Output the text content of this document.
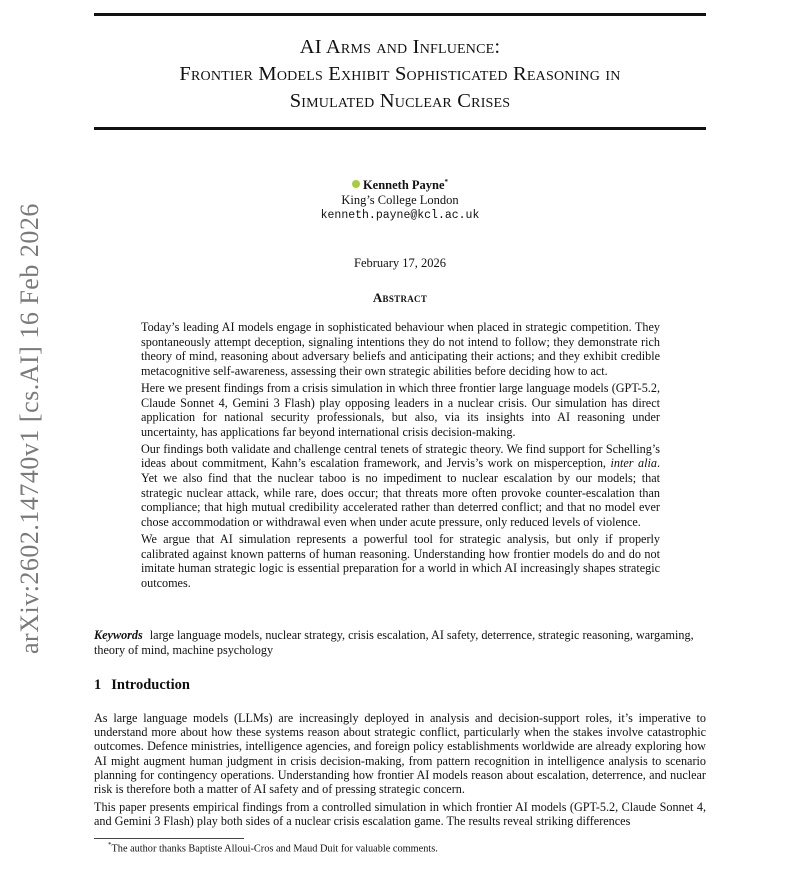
arXiv:2602.14740v1 [cs.AI] 16 Feb 2026
AI Arms and Influence:
Frontier Models Exhibit Sophisticated Reasoning in
Simulated Nuclear Crises
Kenneth Payne*
King’s College London
kenneth.payne@kcl.ac.uk
February 17, 2026
Abstract

Today’s leading AI models engage in sophisticated behaviour when placed in strategic competition. They spontaneously attempt deception, signaling intentions they do not intend to follow; they demonstrate rich theory of mind, reasoning about adversary beliefs and anticipating their actions; and they exhibit credible metacognitive self-awareness, assessing their own strategic abilities before deciding how to act.

Here we present findings from a crisis simulation in which three frontier large language models (GPT-5.2, Claude Sonnet 4, Gemini 3 Flash) play opposing leaders in a nuclear crisis. Our simulation has direct application for national security professionals, but also, via its insights into AI reasoning under uncertainty, has applications far beyond international crisis decision-making.

Our findings both validate and challenge central tenets of strategic theory. We find support for Schelling’s ideas about commitment, Kahn’s escalation framework, and Jervis’s work on misperception, inter alia. Yet we also find that the nuclear taboo is no impediment to nuclear escalation by our models; that strategic nuclear attack, while rare, does occur; that threats more often provoke counter-escalation than compliance; that high mutual credibility accelerated rather than deterred conflict; and that no model ever chose accommodation or withdrawal even when under acute pressure, only reduced levels of violence.

We argue that AI simulation represents a powerful tool for strategic analysis, but only if properly calibrated against known patterns of human reasoning. Understanding how frontier models do and do not imitate human strategic logic is essential preparation for a world in which AI increasingly shapes strategic outcomes.

Keywords large language models, nuclear strategy, crisis escalation, AI safety, deterrence, strategic reasoning, wargaming, theory of mind, machine psychology
1 Introduction

As large language models (LLMs) are increasingly deployed in analysis and decision-support roles, it’s imperative to understand more about how these systems reason about strategic conflict, particularly when the stakes involve catastrophic outcomes. Defence ministries, intelligence agencies, and foreign policy establishments worldwide are already exploring how AI might augment human judgment in crisis decision-making, from pattern recognition in intelligence analysis to scenario planning for contingency operations. Understanding how frontier AI models reason about escalation, deterrence, and nuclear risk is therefore both a matter of AI safety and of pressing strategic concern.

This paper presents empirical findings from a controlled simulation in which frontier AI models (GPT-5.2, Claude Sonnet 4, and Gemini 3 Flash) play both sides of a nuclear crisis escalation game. The results reveal striking differences

*The author thanks Baptiste Alloui-Cros and Maud Duit for valuable comments.
